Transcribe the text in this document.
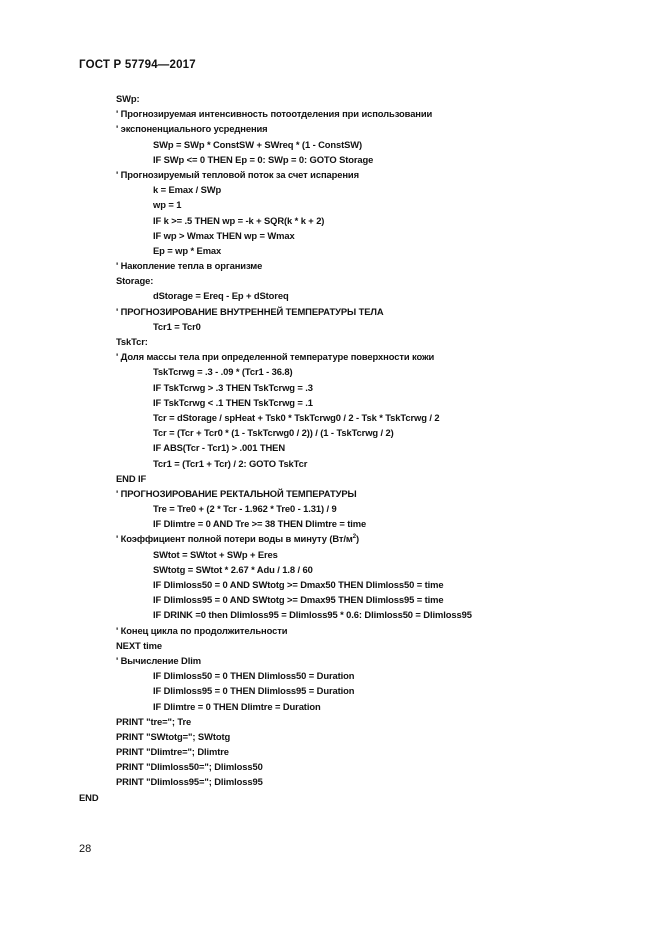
ГОСТ Р 57794—2017
SWp:
' Прогнозируемая интенсивность потоотделения при использовании
' экспоненциального усреднения
SWp = SWp * ConstSW + SWreq * (1 - ConstSW)
IF SWp <= 0 THEN Ep = 0: SWp = 0: GOTO Storage
' Прогнозируемый тепловой поток за счет испарения
k = Emax / SWp
wp = 1
IF k >= .5 THEN wp = -k + SQR(k * k + 2)
IF wp > Wmax THEN wp = Wmax
Ep = wp * Emax
' Накопление тепла в организме
Storage:
dStorage = Ereq - Ep + dStoreq
' ПРОГНОЗИРОВАНИЕ ВНУТРЕННЕЙ ТЕМПЕРАТУРЫ ТЕЛА
Tcr1 = Tcr0
TskTcr:
' Доля массы тела при определенной температуре поверхности кожи
TskTcrwg = .3 - .09 * (Tcr1 - 36.8)
IF TskTcrwg > .3 THEN TskTcrwg = .3
IF TskTcrwg < .1 THEN TskTcrwg = .1
Tcr = dStorage / spHeat + Tsk0 * TskTcrwg0 / 2 - Tsk * TskTcrwg / 2
Tcr = (Tcr + Tcr0 * (1 - TskTcrwg0 / 2)) / (1 - TskTcrwg / 2)
IF ABS(Tcr - Tcr1) > .001 THEN
Tcr1 = (Tcr1 + Tcr) / 2: GOTO TskTcr
END IF
' ПРОГНОЗИРОВАНИЕ РЕКТАЛЬНОЙ ТЕМПЕРАТУРЫ
Tre = Tre0 + (2 * Tcr - 1.962 * Tre0 - 1.31) / 9
IF Dlimtre = 0 AND Tre >= 38 THEN Dlimtre = time
' Коэффициент полной потери воды в минуту $(Вт/м^2)$
SWtot = SWtot + SWp + Eres
SWtotg = SWtot * 2.67 * Adu / 1.8 / 60
IF Dlimloss50 = 0 AND SWtotg >= Dmax50 THEN Dlimloss50 = time
IF Dlimloss95 = 0 AND SWtotg >= Dmax95 THEN Dlimloss95 = time
IF DRINK =0 then Dlimloss95 = Dlimloss95 * 0.6: Dlimloss50 = Dlimloss95
' Конец цикла по продолжительности
NEXT time
' Вычисление Dlim
IF Dlimloss50 = 0 THEN Dlimloss50 = Duration
IF Dlimloss95 = 0 THEN Dlimloss95 = Duration
IF Dlimtre = 0 THEN Dlimtre = Duration
PRINT "tre="; Tre
PRINT "SWtotg="; SWtotg
PRINT "Dlimtre="; Dlimtre
PRINT "Dlimloss50="; Dlimloss50
PRINT "Dlimloss95="; Dlimloss95
END
28
